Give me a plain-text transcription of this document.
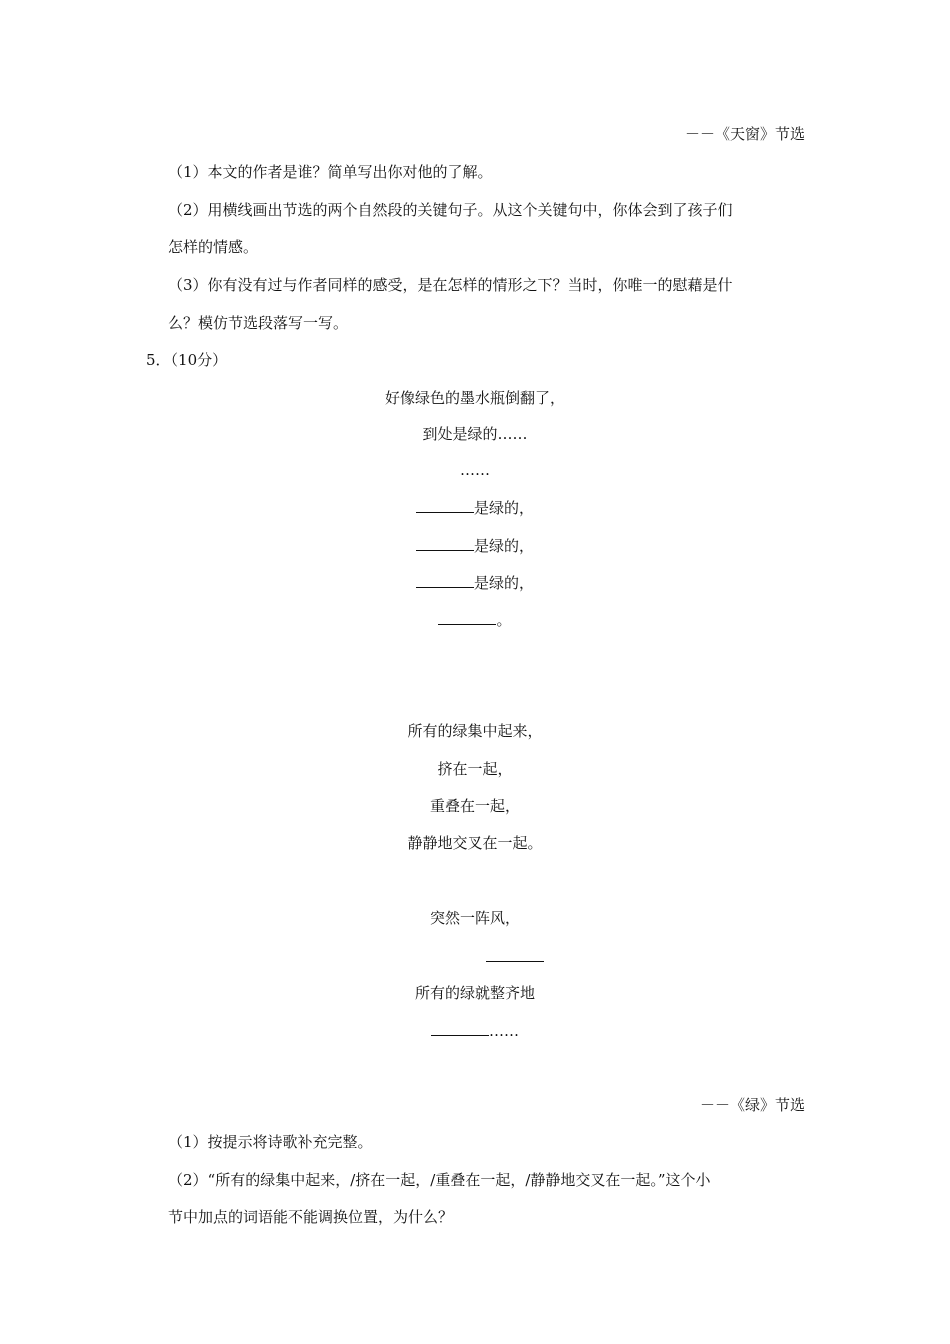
－－《天窗》节选
（1）本文的作者是谁？简单写出你对他的了解。
（2）用横线画出节选的两个自然段的关键句子。从这个关键句中，你体会到了孩子们
怎样的情感。
（3）你有没有过与作者同样的感受，是在怎样的情形之下？当时，你唯一的慰藉是什
么？模仿节选段落写一写。
5．（10分）
好像绿色的墨水瓶倒翻了，
到处是绿的……
……
是绿的，
是绿的，
是绿的，
。
所有的绿集中起来，
挤在一起，
重叠在一起，
静静地交叉在一起。
突然一阵风，
所有的绿就整齐地
……
－－《绿》节选
（1）按提示将诗歌补充完整。
（2）“所有的绿集中起来，/挤在一起，/重叠在一起，/静静地交叉在一起。”这个小
节中加点的词语能不能调换位置，为什么？
